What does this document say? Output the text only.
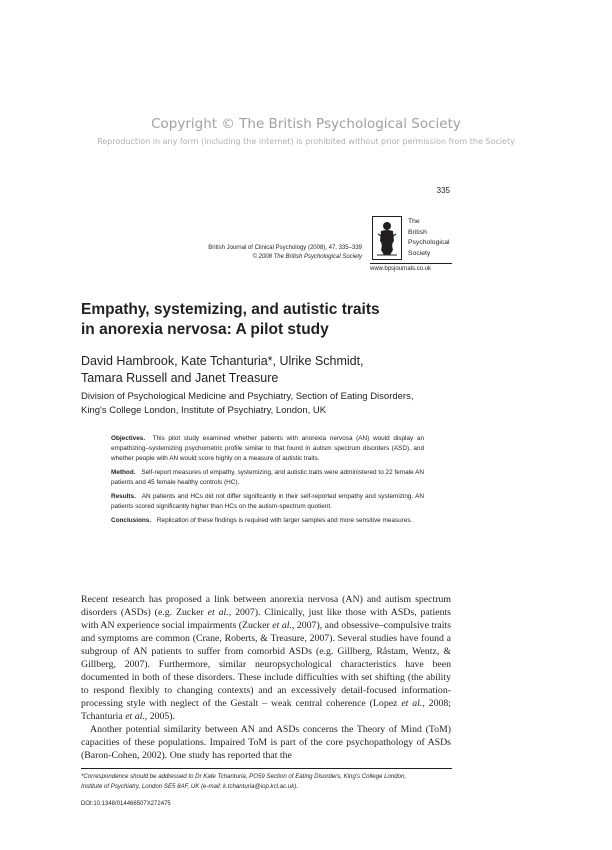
Copyright © The British Psychological Society
Reproduction in any form (including the internet) is prohibited without prior permission from the Society
335
British Journal of Clinical Psychology (2008), 47, 335–339
© 2008 The British Psychological Society
The
British
Psychological
Society
www.bpsjournals.co.uk
Empathy, systemizing, and autistic traits
in anorexia nervosa: A pilot study
David Hambrook, Kate Tchanturia*, Ulrike Schmidt,
Tamara Russell and Janet Treasure
Division of Psychological Medicine and Psychiatry, Section of Eating Disorders,
King's College London, Institute of Psychiatry, London, UK

Objectives. This pilot study examined whether patients with anorexia nervosa (AN) would display an empathizing–systemizing psychometric profile similar to that found in autism spectrum disorders (ASD), and whether people with AN would score highly on a measure of autistic traits.

Method. Self-report measures of empathy, systemizing, and autistic traits were administered to 22 female AN patients and 45 female healthy controls (HC).

Results. AN patients and HCs did not differ significantly in their self-reported empathy and systemizing. AN patients scored significantly higher than HCs on the autism-spectrum quotient.

Conclusions. Replication of these findings is required with larger samples and more sensitive measures.

Recent research has proposed a link between anorexia nervosa (AN) and autism spectrum disorders (ASDs) (e.g. Zucker et al., 2007). Clinically, just like those with ASDs, patients with AN experience social impairments (Zucker et al., 2007), and obsessive–compulsive traits and symptoms are common (Crane, Roberts, & Treasure, 2007). Several studies have found a subgroup of AN patients to suffer from comorbid ASDs (e.g. Gillberg, Råstam, Wentz, & Gillberg, 2007). Furthermore, similar neuropsychological characteristics have been documented in both of these disorders. These include difficulties with set shifting (the ability to respond flexibly to changing contexts) and an excessively detail-focused information-processing style with neglect of the Gestalt – weak central coherence (Lopez et al., 2008; Tchanturia et al., 2005).

Another potential similarity between AN and ASDs concerns the Theory of Mind (ToM) capacities of these populations. Impaired ToM is part of the core psychopathology of ASDs (Baron-Cohen, 2002). One study has reported that the

*Correspondence should be addressed to Dr Kate Tchanturia, PO59 Section of Eating Disorders, King's College London,
Institute of Psychiatry, London SE5 8AF, UK (e-mail: k.tchanturia@iop.kcl.ac.uk).
DOI:10.1348/014466507X272475
